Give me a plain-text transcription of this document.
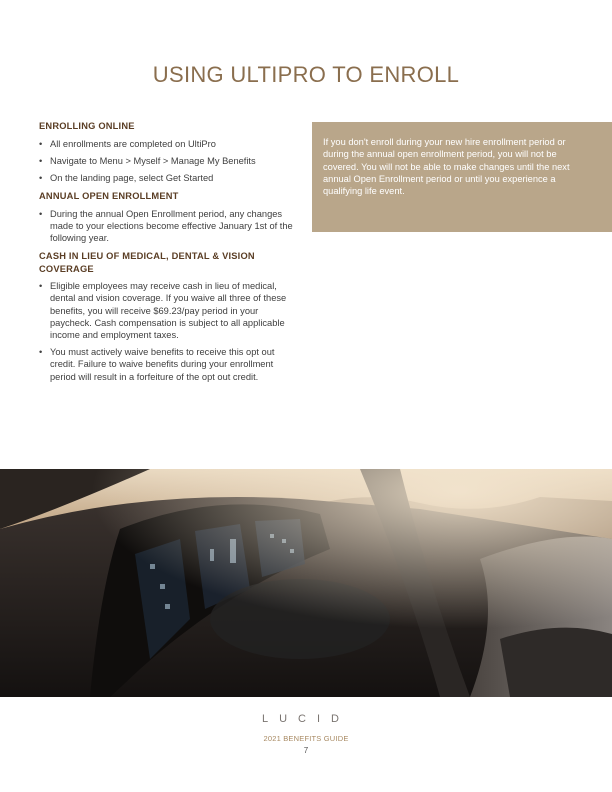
USING ULTIPRO TO ENROLL
ENROLLING ONLINE
• All enrollments are completed on UltiPro
• Navigate to Menu > Myself > Manage My Benefits
• On the landing page, select Get Started
ANNUAL OPEN ENROLLMENT
• During the annual Open Enrollment period, any changes made to your elections become effective January 1st of the following year.
CASH IN LIEU OF MEDICAL, DENTAL & VISION COVERAGE
• Eligible employees may receive cash in lieu of medical, dental and vision coverage. If you waive all three of these benefits, you will receive $69.23/pay period in your paycheck. Cash compensation is subject to all applicable income and employment taxes.
• You must actively waive benefits to receive this opt out credit. Failure to waive benefits during your enrollment period will result in a forfeiture of the opt out credit.
If you don't enroll during your new hire enrollment period or during the annual open enrollment period, you will not be covered. You will not be able to make changes until the next annual Open Enrollment period or until you experience a qualifying life event.
LUCID
2021 BENEFITS GUIDE
7
